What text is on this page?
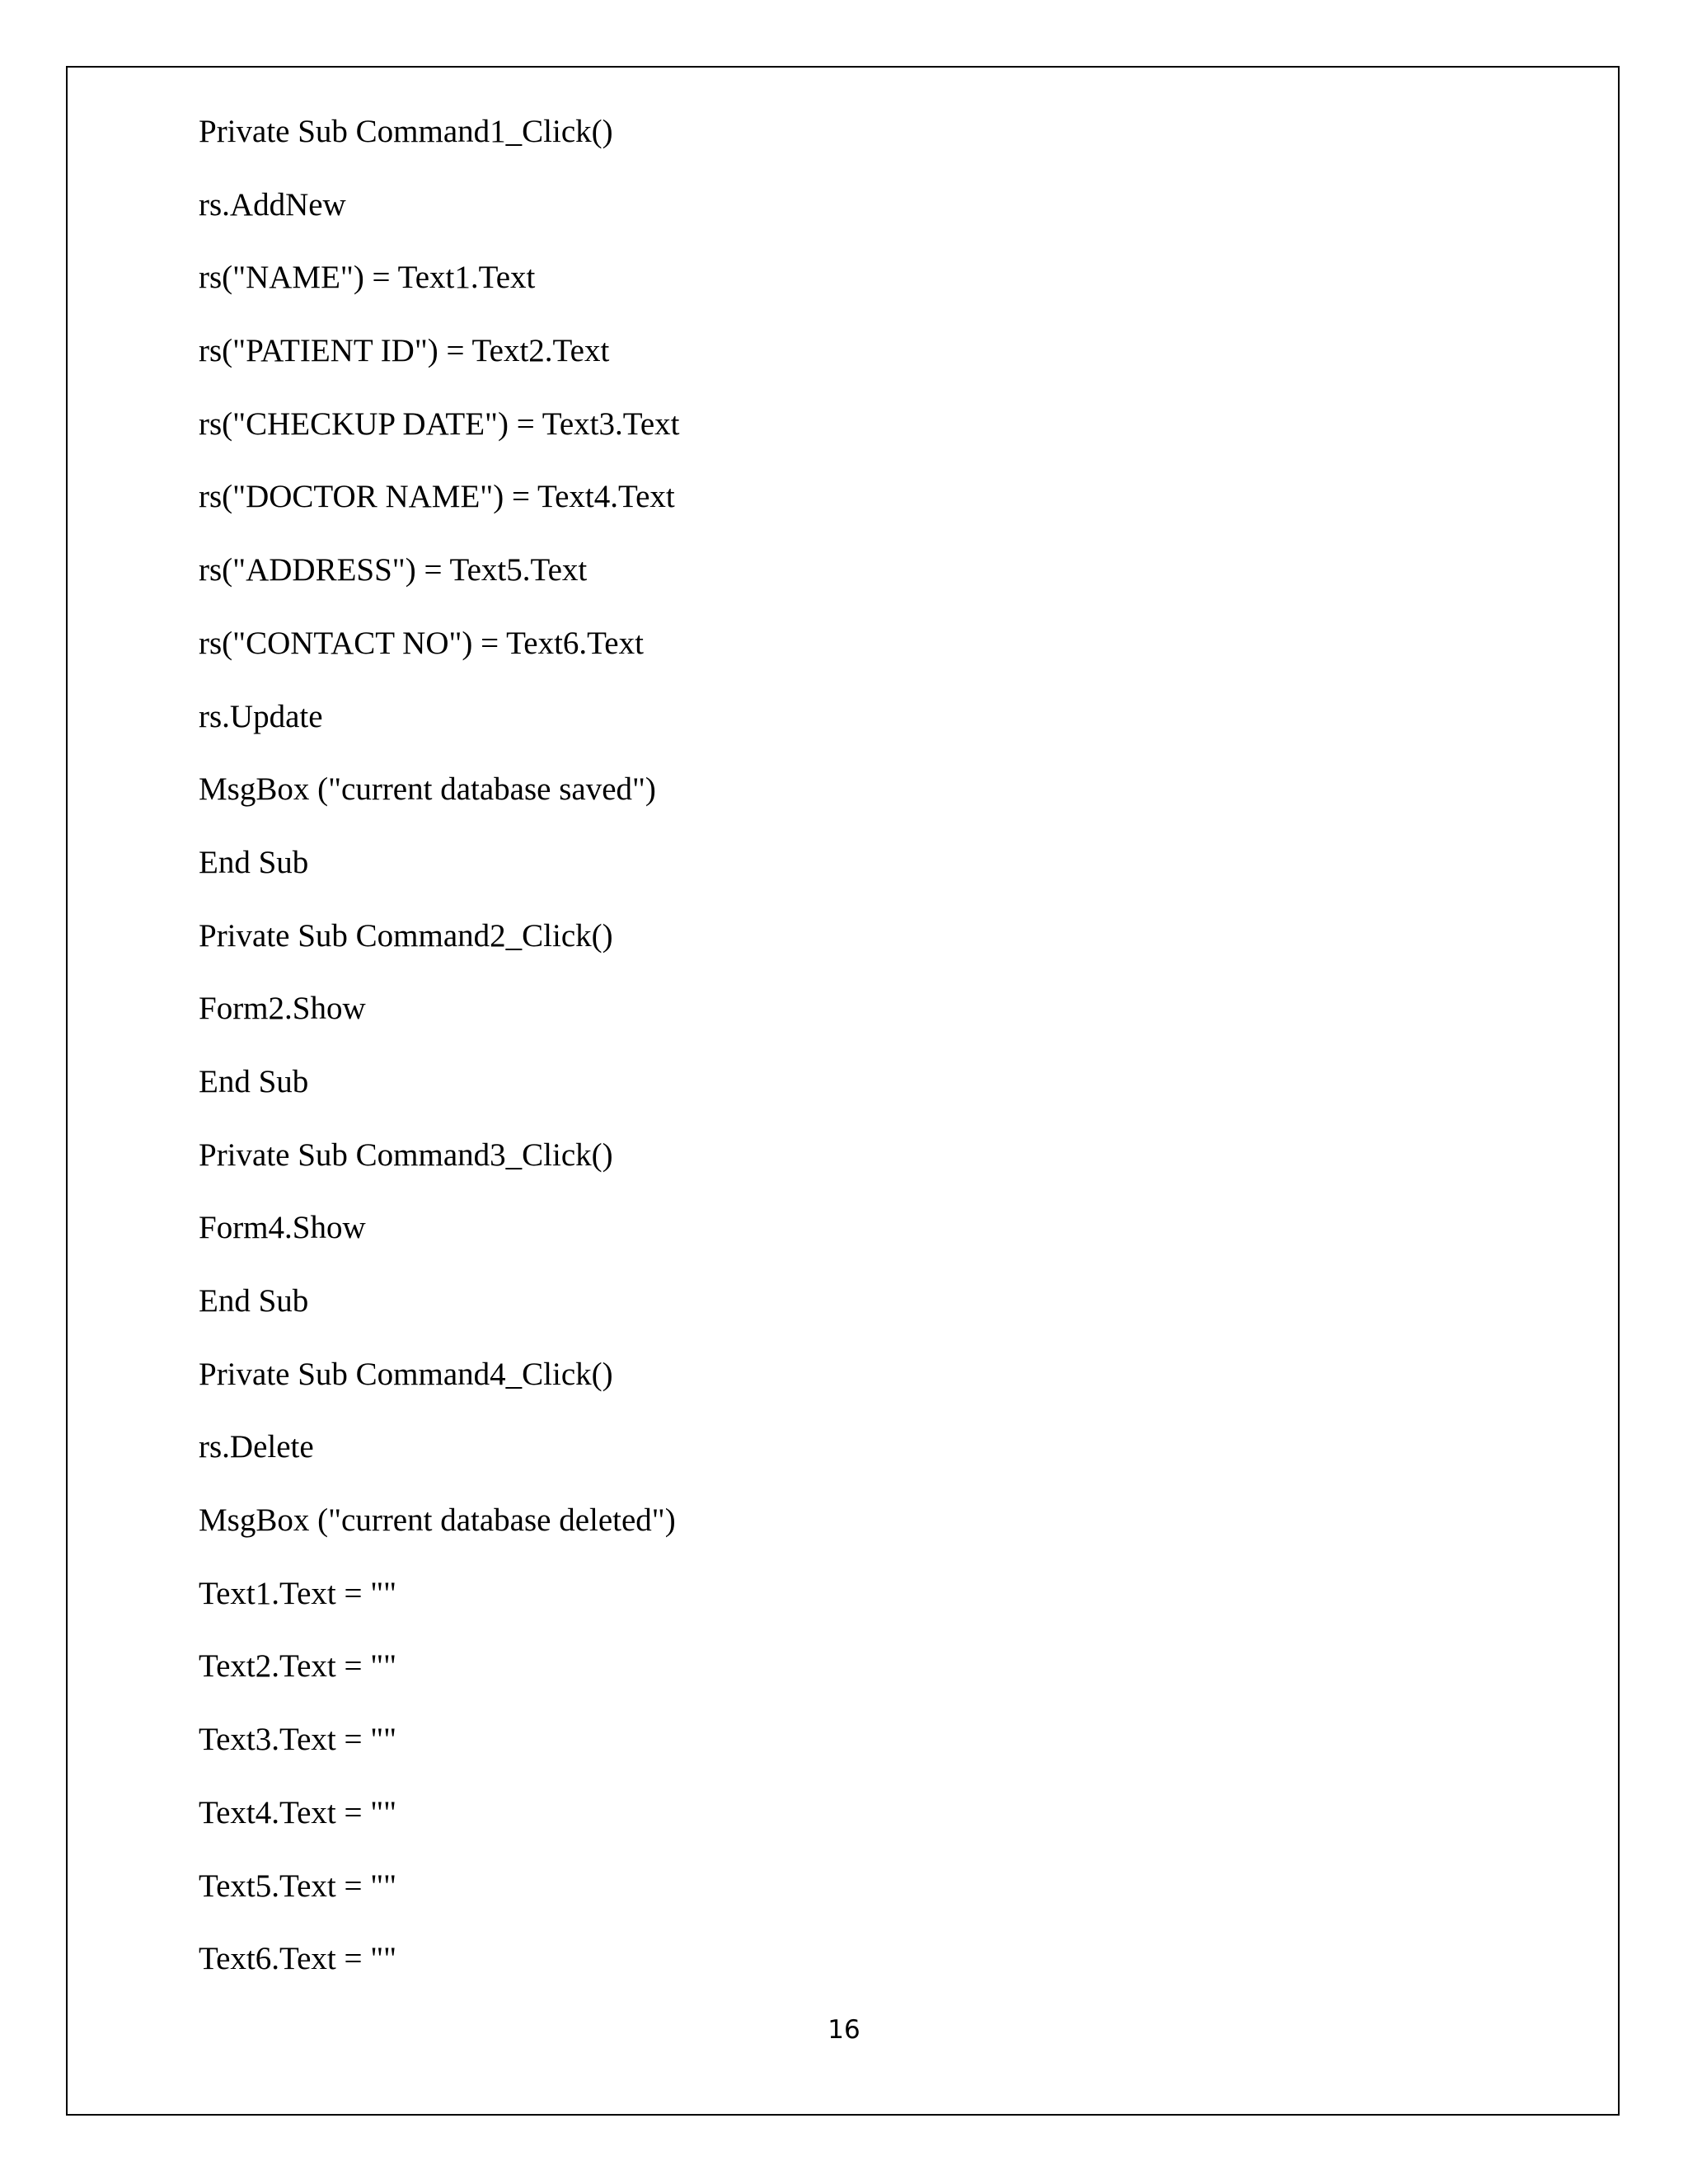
Private Sub Command1_Click()
rs.AddNew
rs("NAME") = Text1.Text
rs("PATIENT ID") = Text2.Text
rs("CHECKUP DATE") = Text3.Text
rs("DOCTOR NAME") = Text4.Text
rs("ADDRESS") = Text5.Text
rs("CONTACT NO") = Text6.Text
rs.Update
MsgBox ("current database saved")
End Sub
Private Sub Command2_Click()
Form2.Show
End Sub
Private Sub Command3_Click()
Form4.Show
End Sub
Private Sub Command4_Click()
rs.Delete
MsgBox ("current database deleted")
Text1.Text = ""
Text2.Text = ""
Text3.Text = ""
Text4.Text = ""
Text5.Text = ""
Text6.Text = ""
16
